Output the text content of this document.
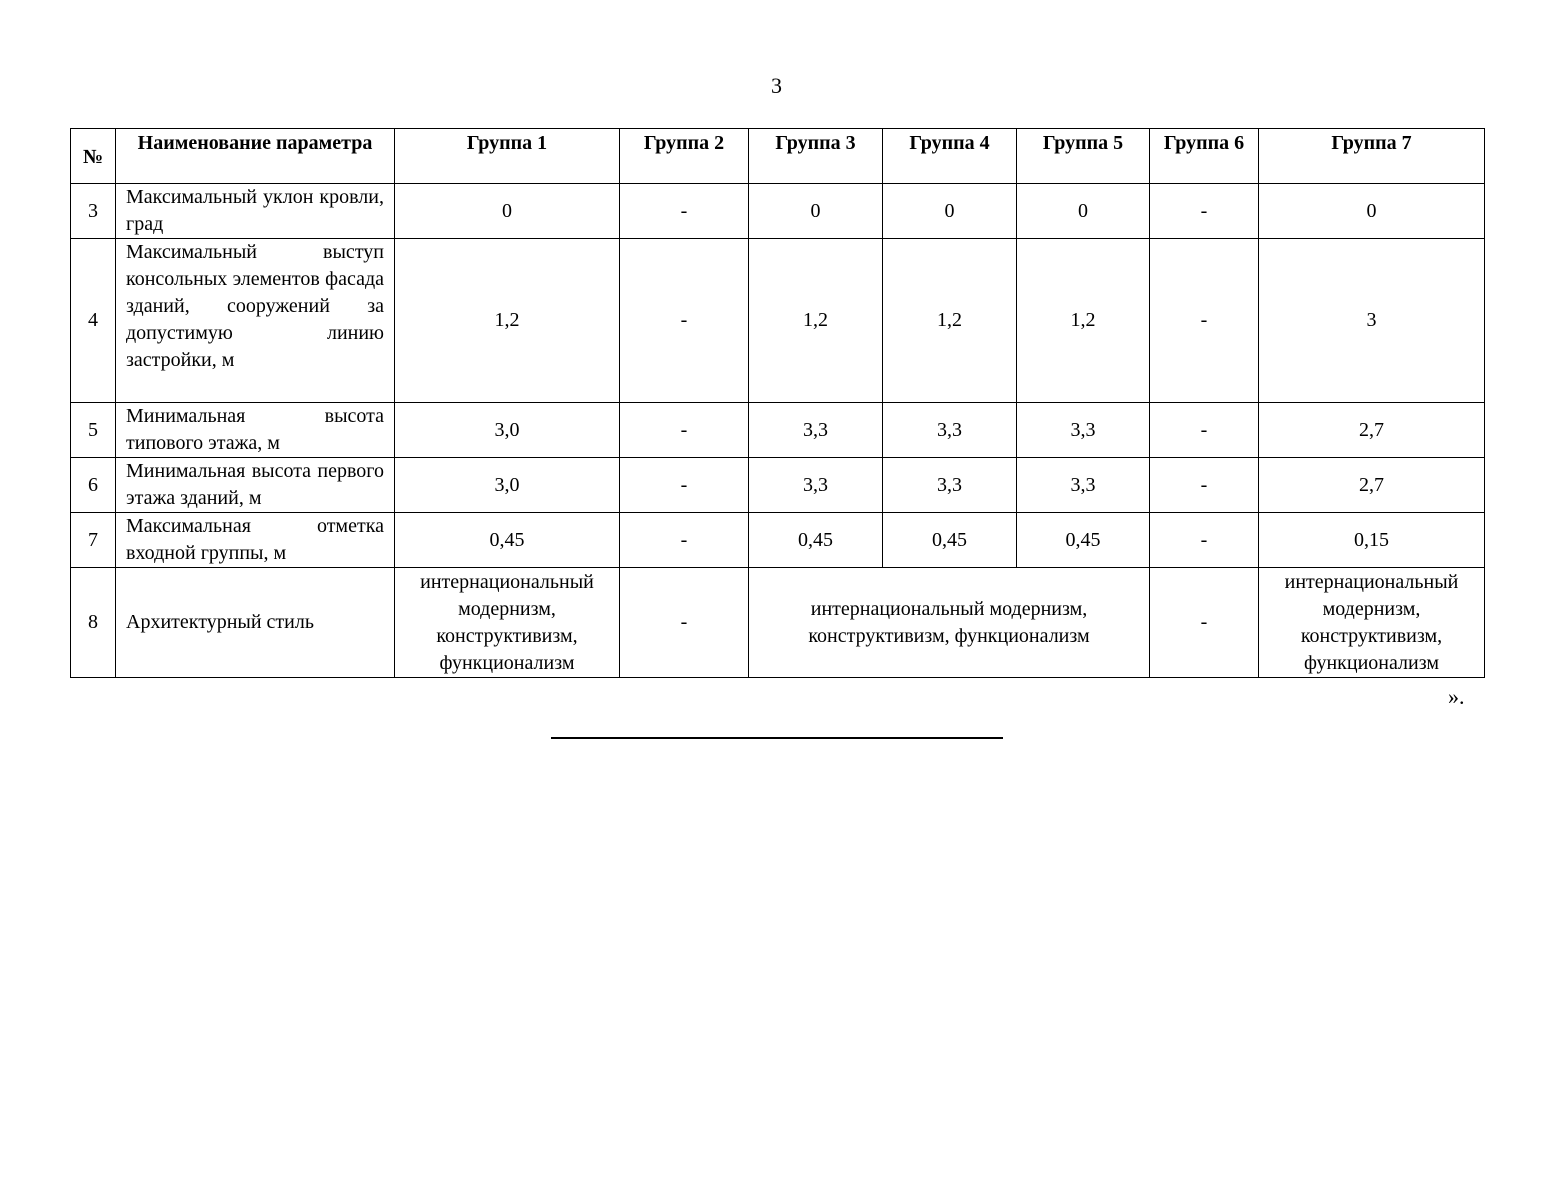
3
№	Наименование параметра	Группа 1	Группа 2	Группа 3	Группа 4	Группа 5	Группа 6	Группа 7
3	Максимальный уклон кровли, град	0	-	0	0	0	-	0
4	Максимальный выступ консольных элементов фасада зданий, сооружений за допустимую линию застройки, м	1,2	-	1,2	1,2	1,2	-	3
5	Минимальная высота типового этажа, м	3,0	-	3,3	3,3	3,3	-	2,7
6	Минимальная высота первого этажа зданий, м	3,0	-	3,3	3,3	3,3	-	2,7
7	Максимальная отметка входной группы, м	0,45	-	0,45	0,45	0,45	-	0,15
8	Архитектурный стиль	интернациональный модернизм, конструктивизм, функционализм	-	интернациональный модернизм, конструктивизм, функционализм			-	интернациональный модернизм, конструктивизм, функционализм
».
